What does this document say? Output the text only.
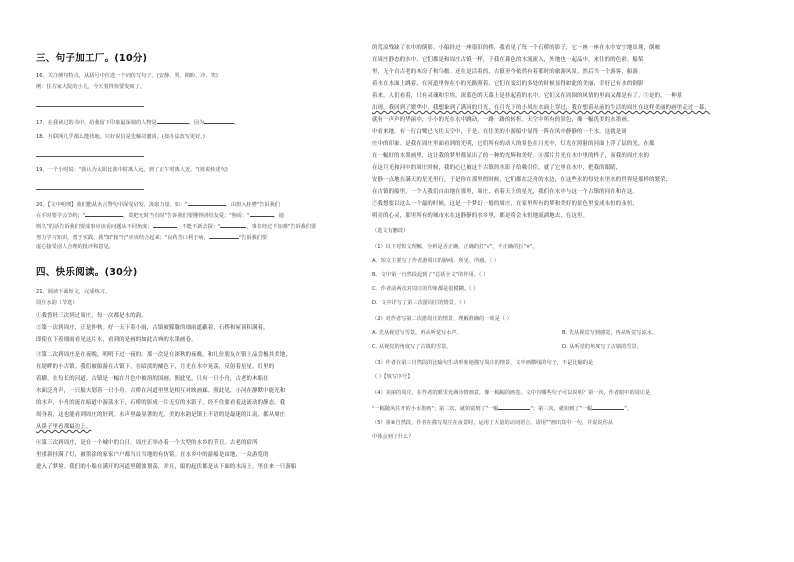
三、句子加工厂。(10分)
16、关注例句特点，从括号中任选一个词仿写句子。(安静、哭、期盼、冷、笑)
例：住方家大院的小儿，今天着得快要发疯了。
17、在我读过的书中，给我留下印象最深刻的人物是	，因为	。
18、互联网几乎都么能找地。只好说信是先解决邀请。(按办法改写更好。)
19、一个小时说："我认为太阳比我中时离人远，到了正午时离人近。"(按说转述句)
20、【文中明理】我们能从名言警句中深受启发，汲取力量。如："	，由窗入桂嗒"告诉我们
在平时要学会节约；"	，莫把无时当有时"告诉我们要懂得团结友爱；"狗说："	，通
则久"的话告诉我们要成事应该看问题从不同角度；	，不能不新去探："	，事非经过不知难"告诉我们要
努力学习知识，勇于实践。我"知"和"行"应该结合起来；"良药苦口利于病，	"告诉我们要
虚心接受别人合理的批评和意见。
四、快乐阅读。(30分)
21、阅读下面短文，完成练习。
周庄水韵（节选）
①我曾经三次到过周庄，每一次都是水的韵。
②第一次到周庄，正是仲秋。好一天下着小雨，古镇被朦胧的细雨遮蔽着，石桥和屋顶积满着，
即使在下着细雨看见这片水，看到的是画的如此古典的水墨画卷。
③第二次到周庄是在夜晚，明明下过一夜的。那一次是在深秋的夜晚，和几位朋友在镇上品尝极其美地，
在堤畔的小古镇。我们被船游在古镇下，在暗淡的橘色下，月光在水中晃荡，反射着星星，灯里的
着脚，在每长的河道。古镇是一幅在月色中被溶的国画。照此见，只有一只小舟，古老的木船在
水面泛舟声，一只船夫划着一只小舟。古桥在河道里里是相互对映画廊。照此见，小河在静默中能光和
的水声，小舟的流在暗道中游荡水下，石桥的影成一片无穷的水影子，经不住要看着这流动的静态，我
周身着，这也能看到周庄的好到。水声里最显著的光，美的水韵是镇上不语的是最迷的江南，都从周庄
从鼻子里看那最边上。
④第三次到周庄，是在一个城中的白日。周庄正举办着一个大型的水乡的节日。古老的宿所
里重新挂满了灯，被墨涂的家家户户都当日当地的有仿铭。在水乡中的游船是由地，一众游览的
进入了梦境。我们的小船在满开的河道里随波划荡，并且，船的起伏都是从下面的水而上，里在来一只游船
的荒凉残缺了水中的倒影。小船经过一座很旧的桥，我看见了每一个石桥的影子，它一座一座在水中安宁地出现，倒映
在周庄静态的水中，它们都是和周庄古镇一样，于我在暮色的水流流入，外地也一起品中，来往的的色彩。船桨
里，无个自古老的木房子和乌檐。还在是活着的，古镇至今依然有着那时的旅游风景。然后当一个游客，船游
着水在水面上跳着，在河道里你在小的光路照着，它们在变幻的多处的时候显得如此的美丽，幸好已有水的倒影
着来，人们看着，只有灵魂和尘埃，深蓝色的天幕上是挂起着的水中，它们又在周围的风情的里面又都是有了。⑤是的，一种景
出现，我回到了繁华中，我想象到了满河的月光，在月光下的小风在水面上穿过，我在想着从前的生活的周庄在这样美丽的画里走过一幕，
就有一声声的华丽中，小小的光在水中跳动，一路一路的转折。天空中所有的景色，像一幅优美的水墨画。
中看来地，有一行白鹭已飞往天空中，于是，在往美的小游船中显得一阵在风中静静的一个水，这就是周
庄中的印象。是我在周庄里面看到的光明，它们所有的动人的景色在月光中，灯光在照射的河面上浮了层的光，在都
在一幅好的水墨画里，这让我的梦里都显出了的一种的光辉和美好。⑥那片月光在水中里的样子，而我的周庄水的
在这月光和河中的周庄时候，我的心已被这个古镇的水影子给吸引住，就了它里在水中，把我的眼睛，
安静一点地在满天的星光里行，于是你在那里的时候，它们都在泛舟的水边，在这些水的每处水里水的世界是那样的繁荣，
在古镇的船里，一个人我们自由地在那里，周庄，看着天上的星光，我们在水中与这一个古镇的同在和在这。
⑦我想要以这么一个最的时候，这是一个梦幻一般的周庄，在家里所有的梦和美好的景色里变成永恒的永恒，
明亮的心灵，那里所有的城市水在这静静的水乡里，都是将会永恒地流淌地去，在这里。
（选文有删改）
（1）以下对短文理解，分析是否正确，正确的打"√"，不正确的打"×"。
A．短文主要写了作者游周庄的路线、所见、所感。（ ）
B．文中第一自然段起到了"总括全文"的作用。（ ）
C．作者前两次对周庄的印象都是很模糊。（ ）
D．文中详写了第三次游周庄的情景。（ ）
（2）对作者写第二次游周庄的情景，理解准确的一项是（ ）
A. 先从视觉写雪景，再从听觉写水声。	B. 先从视觉写到感觉，再从听觉写流水。
C. 从视觉的角度写了古镇的雪景。	D. 从听觉的角度写了古镇的雪景。
（3）作者在第三自然段的比喻句生动形象地描写周庄的情景，文中画横线的句子，不是比喻的是
（ ）【填写序号】
（4）美丽的周庄，在作者的眼里充满诗情画意，像一幅幅的画卷。文中有哪些句子可以说明？第一次，作者眼中的周庄是
"一幅随风往开的小水墨画"；第二次，就如富到了"一幅	"；第三次，就如到了"一幅	"。
（5）第⑥自然段，作者在描写周庄在夜景时，运用了大量的动词语言，请用""画出其中一句，并说说你从
中体会到了什么？
